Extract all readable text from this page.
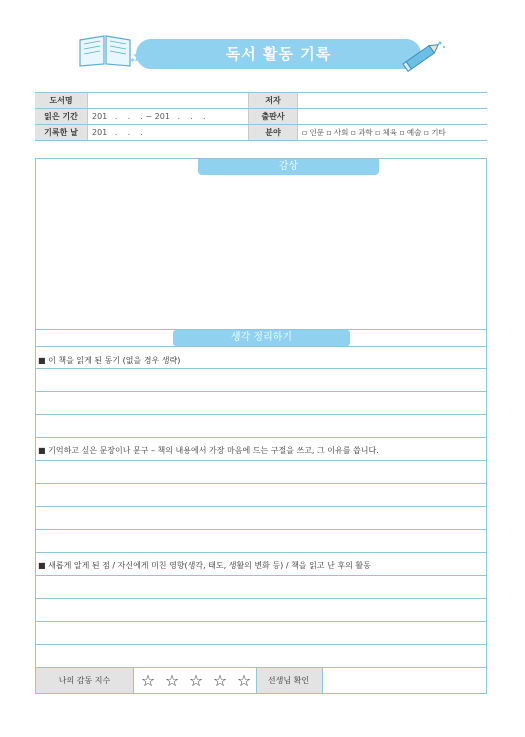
독서 활동 기록
도서명		저자	
읽은 기간	201   .    .    . ~ 201   .    .    .	출판사	
기록한 날	201   .    .    .	분야	▫ 인문 ▫ 사회 ▫ 과학 ▫ 체육 ▫ 예술 ▫ 기타
감상
생각 정리하기
■ 이 책을 읽게 된 동기 (없을 경우 생략)
■ 기억하고 싶은 문장이나 문구 – 책의 내용에서 가장 마음에 드는 구절을 쓰고, 그 이유를 씁니다.
■ 새롭게 알게 된 점 / 자신에게 미친 영향(생각, 태도, 생활의 변화 등) / 책을 읽고 난 후의 활동
나의 감동 지수	☆ ☆ ☆ ☆ ☆	선생님 확인
